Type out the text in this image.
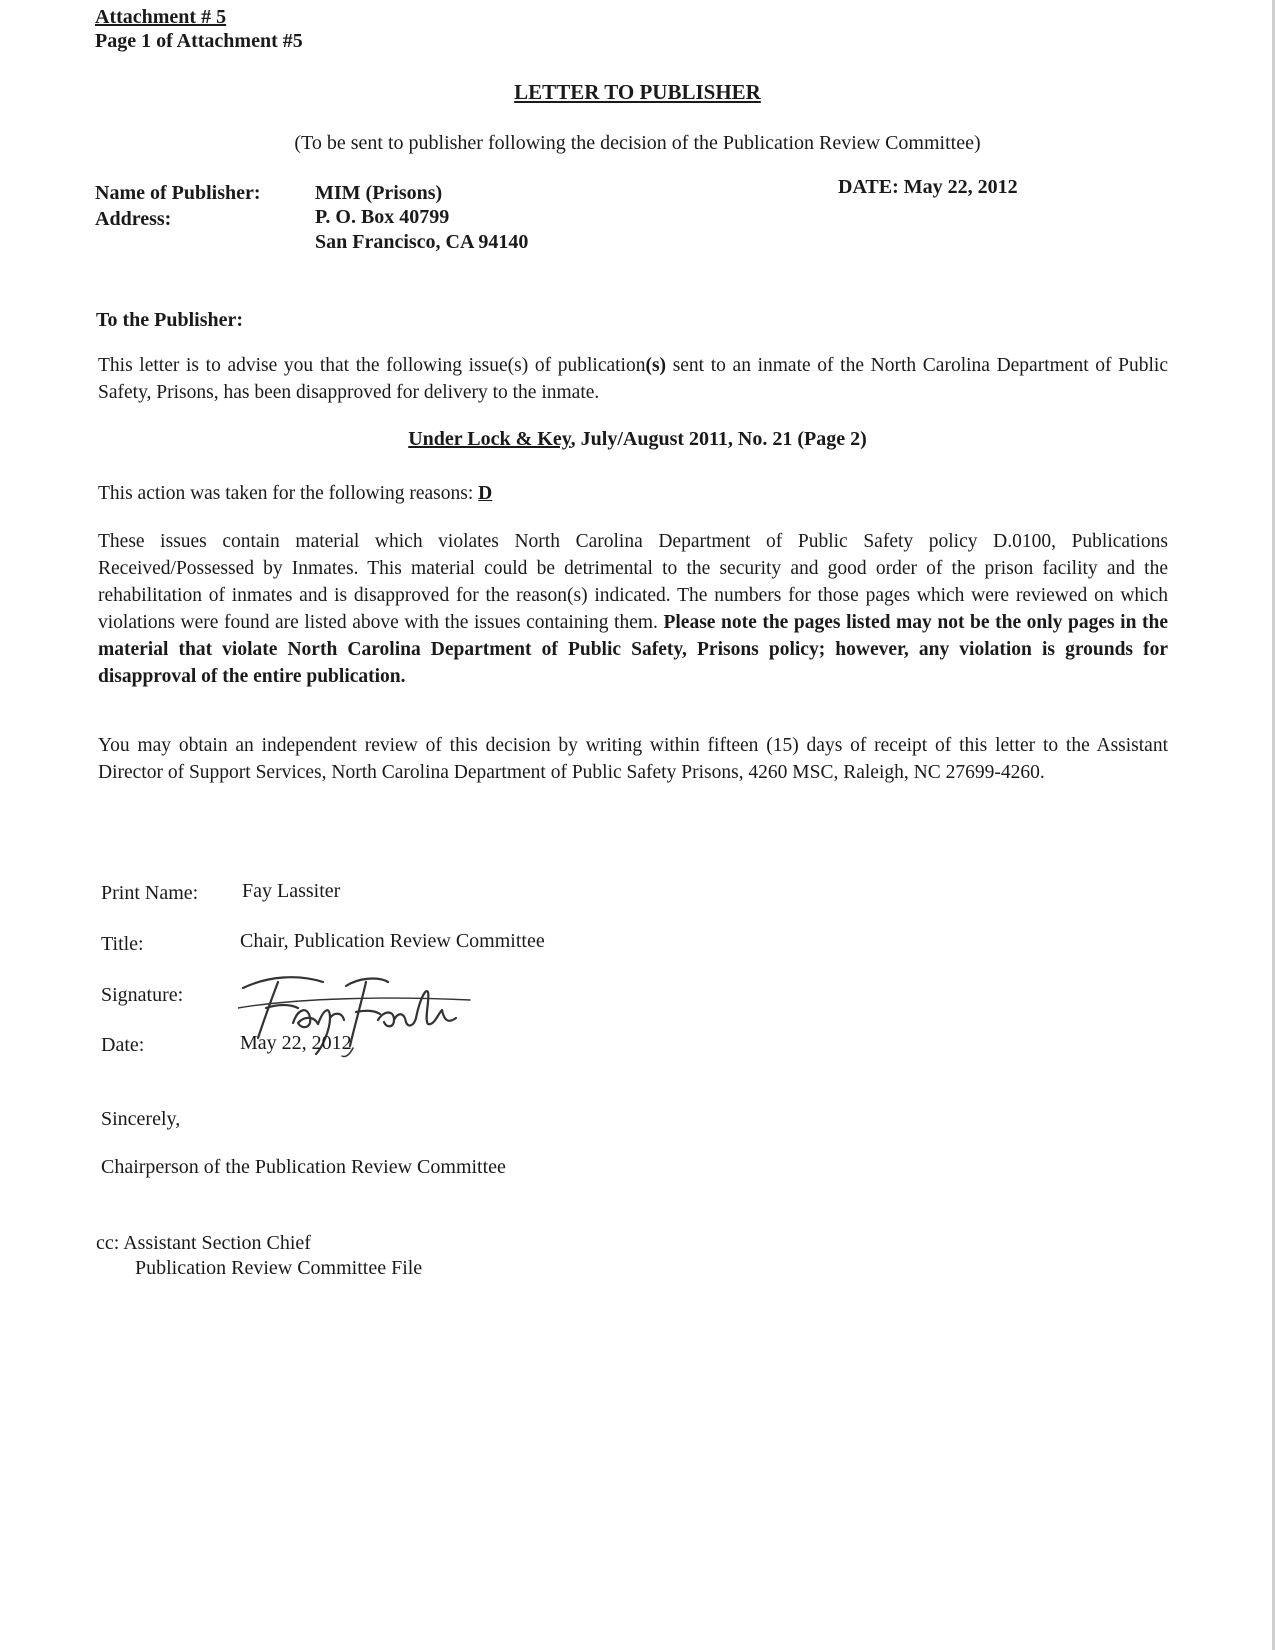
Attachment # 5
Page 1 of Attachment #5
LETTER TO PUBLISHER
(To be sent to publisher following the decision of the Publication Review Committee)
Name of Publisher:	MIM (Prisons)	DATE: May 22, 2012
Address:	P. O. Box 40799
San Francisco, CA 94140
To the Publisher:
This letter is to advise you that the following issue(s) of publication(s) sent to an inmate of the North Carolina Department of Public Safety, Prisons, has been disapproved for delivery to the inmate.
Under Lock & Key, July/August 2011, No. 21 (Page 2)
This action was taken for the following reasons: D
These issues contain material which violates North Carolina Department of Public Safety policy D.0100, Publications Received/Possessed by Inmates. This material could be detrimental to the security and good order of the prison facility and the rehabilitation of inmates and is disapproved for the reason(s) indicated. The numbers for those pages which were reviewed on which violations were found are listed above with the issues containing them. Please note the pages listed may not be the only pages in the material that violate North Carolina Department of Public Safety, Prisons policy; however, any violation is grounds for disapproval of the entire publication.
You may obtain an independent review of this decision by writing within fifteen (15) days of receipt of this letter to the Assistant Director of Support Services, North Carolina Department of Public Safety Prisons, 4260 MSC, Raleigh, NC 27699-4260.
Print Name: Fay Lassiter
Title:	Chair, Publication Review Committee
Signature:
Fay Lassiter
Date:	May 22, 2012
Sincerely,
Chairperson of the Publication Review Committee
cc: Assistant Section Chief
Publication Review Committee File
